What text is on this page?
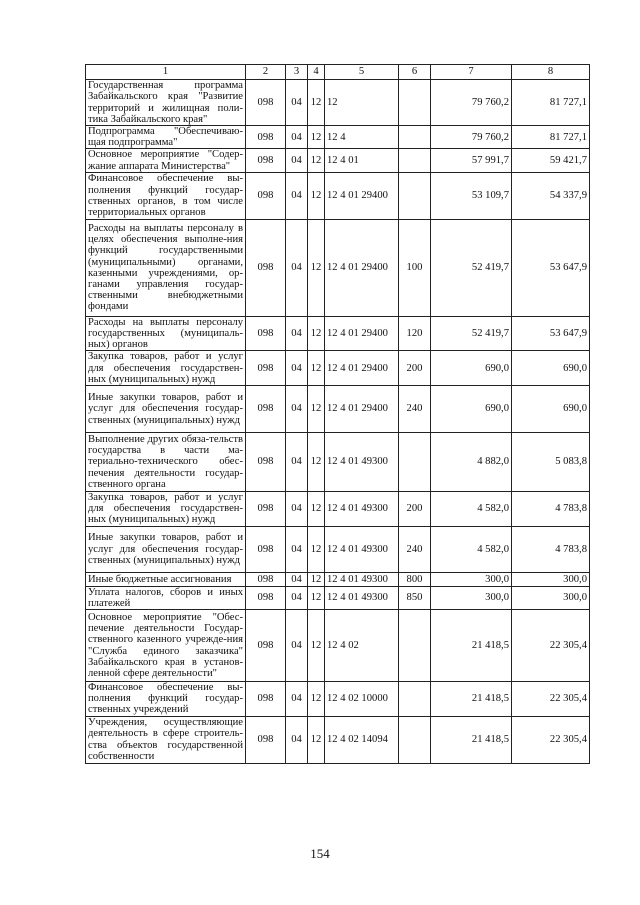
1	2	3	4	5	6	7	8
Государственная программа Забайкальского края "Развитие территорий и жилищная поли-тика Забайкальского края"	098	04	12	12		79 760,2	81 727,1
Подпрограмма "Обеспечиваю-щая подпрограмма"	098	04	12	12 4		79 760,2	81 727,1
Основное мероприятие "Содер-жание аппарата Министерства"	098	04	12	12 4 01		57 991,7	59 421,7
Финансовое обеспечение вы-полнения функций государ-ственных органов, в том числе территориальных органов	098	04	12	12 4 01 29400		53 109,7	54 337,9
Расходы на выплаты персоналу в целях обеспечения выполне-ния функций государственными (муниципальными) органами, казенными учреждениями, ор-ганами управления государ-ственными внебюджетными фондами	098	04	12	12 4 01 29400	100	52 419,7	53 647,9
Расходы на выплаты персоналу государственных (муниципаль-ных) органов	098	04	12	12 4 01 29400	120	52 419,7	53 647,9
Закупка товаров, работ и услуг для обеспечения государствен-ных (муниципальных) нужд	098	04	12	12 4 01 29400	200	690,0	690,0
Иные закупки товаров, работ и услуг для обеспечения государ-ственных (муниципальных) нужд	098	04	12	12 4 01 29400	240	690,0	690,0
Выполнение других обяза-тельств государства в части ма-териально-технического обес-печения деятельности государ-ственного органа	098	04	12	12 4 01 49300		4 882,0	5 083,8
Закупка товаров, работ и услуг для обеспечения государствен-ных (муниципальных) нужд	098	04	12	12 4 01 49300	200	4 582,0	4 783,8
Иные закупки товаров, работ и услуг для обеспечения государ-ственных (муниципальных) нужд	098	04	12	12 4 01 49300	240	4 582,0	4 783,8
Иные бюджетные ассигнования	098	04	12	12 4 01 49300	800	300,0	300,0
Уплата налогов, сборов и иных платежей	098	04	12	12 4 01 49300	850	300,0	300,0
Основное мероприятие "Обес-печение деятельности Государ-ственного казенного учрежде-ния "Служба единого заказчика" Забайкальского края в установ-ленной сфере деятельности"	098	04	12	12 4 02		21 418,5	22 305,4
Финансовое обеспечение вы-полнения функций государ-ственных учреждений	098	04	12	12 4 02 10000		21 418,5	22 305,4
Учреждения, осуществляющие деятельность в сфере строитель-ства объектов государственной собственности	098	04	12	12 4 02 14094		21 418,5	22 305,4
154
